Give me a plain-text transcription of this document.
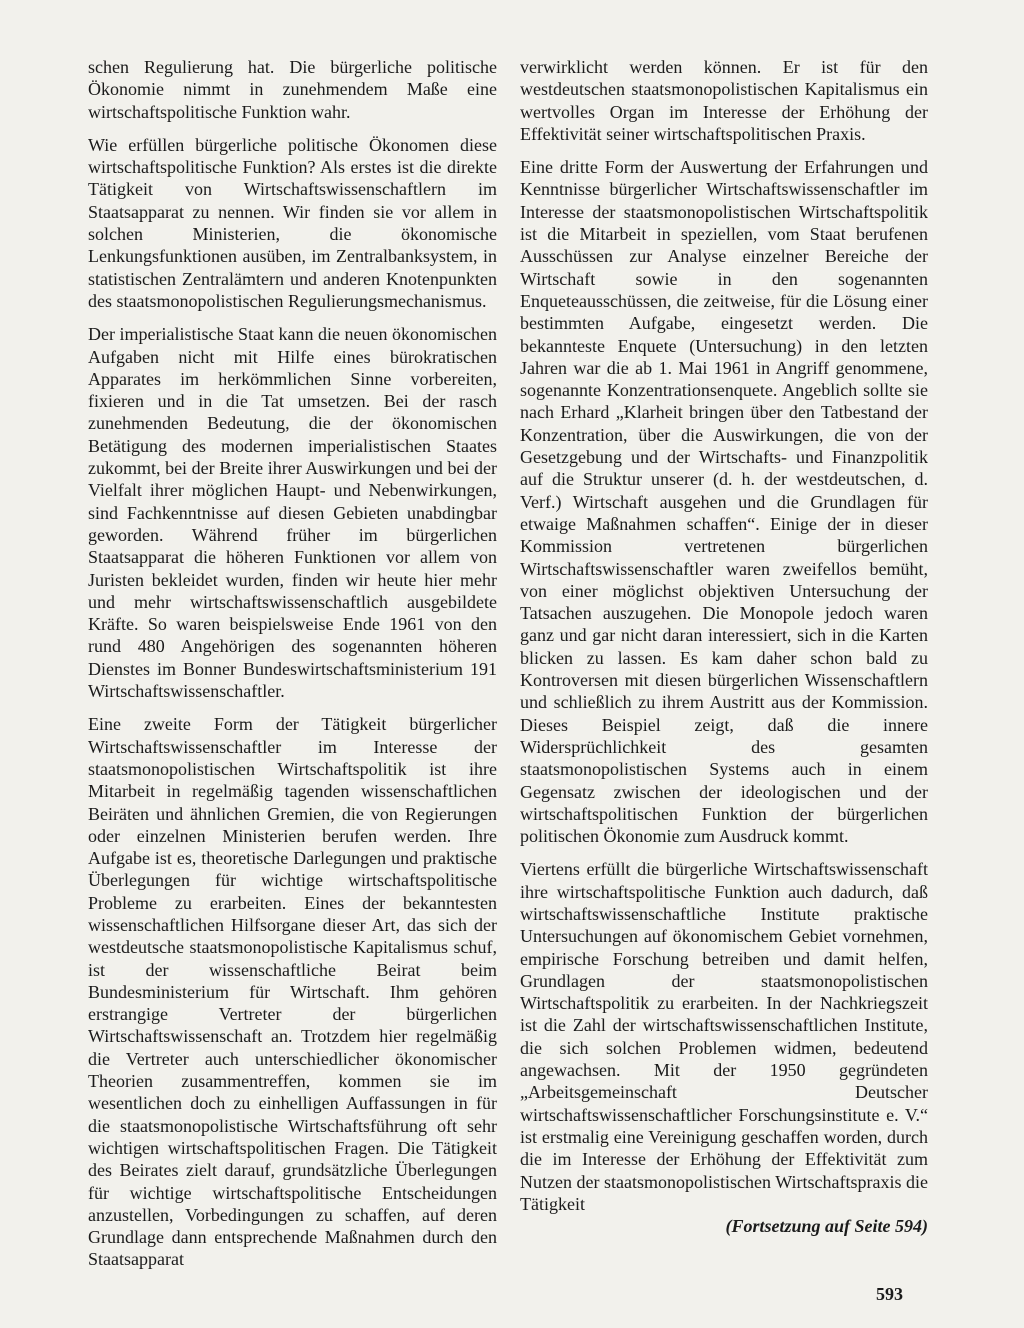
schen Regulierung hat. Die bürgerliche politische Ökonomie nimmt in zunehmendem Maße eine wirtschaftspolitische Funktion wahr.

Wie erfüllen bürgerliche politische Ökonomen diese wirtschaftspolitische Funktion? Als erstes ist die direkte Tätigkeit von Wirtschaftswissenschaftlern im Staatsapparat zu nennen. Wir finden sie vor allem in solchen Ministerien, die ökonomische Lenkungsfunktionen ausüben, im Zentralbanksystem, in statistischen Zentralämtern und anderen Knotenpunkten des staatsmonopolistischen Regulierungsmechanismus.

Der imperialistische Staat kann die neuen ökonomischen Aufgaben nicht mit Hilfe eines bürokratischen Apparates im herkömmlichen Sinne vorbereiten, fixieren und in die Tat umsetzen. Bei der rasch zunehmenden Bedeutung, die der ökonomischen Betätigung des modernen imperialistischen Staates zukommt, bei der Breite ihrer Auswirkungen und bei der Vielfalt ihrer möglichen Haupt- und Nebenwirkungen, sind Fachkenntnisse auf diesen Gebieten unabdingbar geworden. Während früher im bürgerlichen Staatsapparat die höheren Funktionen vor allem von Juristen bekleidet wurden, finden wir heute hier mehr und mehr wirtschaftswissenschaftlich ausgebildete Kräfte. So waren beispielsweise Ende 1961 von den rund 480 Angehörigen des sogenannten höheren Dienstes im Bonner Bundeswirtschaftsministerium 191 Wirtschaftswissenschaftler.

Eine zweite Form der Tätigkeit bürgerlicher Wirtschaftswissenschaftler im Interesse der staatsmonopolistischen Wirtschaftspolitik ist ihre Mitarbeit in regelmäßig tagenden wissenschaftlichen Beiräten und ähnlichen Gremien, die von Regierungen oder einzelnen Ministerien berufen werden. Ihre Aufgabe ist es, theoretische Darlegungen und praktische Überlegungen für wichtige wirtschaftspolitische Probleme zu erarbeiten. Eines der bekanntesten wissenschaftlichen Hilfsorgane dieser Art, das sich der westdeutsche staatsmonopolistische Kapitalismus schuf, ist der wissenschaftliche Beirat beim Bundesministerium für Wirtschaft. Ihm gehören erstrangige Vertreter der bürgerlichen Wirtschaftswissenschaft an. Trotzdem hier regelmäßig die Vertreter auch unterschiedlicher ökonomischer Theorien zusammentreffen, kommen sie im wesentlichen doch zu einhelligen Auffassungen in für die staatsmonopolistische Wirtschaftsführung oft sehr wichtigen wirtschaftspolitischen Fragen. Die Tätigkeit des Beirates zielt darauf, grundsätzliche Überlegungen für wichtige wirtschaftspolitische Entscheidungen anzustellen, Vorbedingungen zu schaffen, auf deren Grundlage dann entsprechende Maßnahmen durch den Staatsapparat

verwirklicht werden können. Er ist für den westdeutschen staatsmonopolistischen Kapitalismus ein wertvolles Organ im Interesse der Erhöhung der Effektivität seiner wirtschaftspolitischen Praxis.

Eine dritte Form der Auswertung der Erfahrungen und Kenntnisse bürgerlicher Wirtschaftswissenschaftler im Interesse der staatsmonopolistischen Wirtschaftspolitik ist die Mitarbeit in speziellen, vom Staat berufenen Ausschüssen zur Analyse einzelner Bereiche der Wirtschaft sowie in den sogenannten Enqueteausschüssen, die zeitweise, für die Lösung einer bestimmten Aufgabe, eingesetzt werden. Die bekannteste Enquete (Untersuchung) in den letzten Jahren war die ab 1. Mai 1961 in Angriff genommene, sogenannte Konzentrationsenquete. Angeblich sollte sie nach Erhard „Klarheit bringen über den Tatbestand der Konzentration, über die Auswirkungen, die von der Gesetzgebung und der Wirtschafts- und Finanzpolitik auf die Struktur unserer (d. h. der westdeutschen, d. Verf.) Wirtschaft ausgehen und die Grundlagen für etwaige Maßnahmen schaffen“. Einige der in dieser Kommission vertretenen bürgerlichen Wirtschaftswissenschaftler waren zweifellos bemüht, von einer möglichst objektiven Untersuchung der Tatsachen auszugehen. Die Monopole jedoch waren ganz und gar nicht daran interessiert, sich in die Karten blicken zu lassen. Es kam daher schon bald zu Kontroversen mit diesen bürgerlichen Wissenschaftlern und schließlich zu ihrem Austritt aus der Kommission. Dieses Beispiel zeigt, daß die innere Widersprüchlichkeit des gesamten staatsmonopolistischen Systems auch in einem Gegensatz zwischen der ideologischen und der wirtschaftspolitischen Funktion der bürgerlichen politischen Ökonomie zum Ausdruck kommt.

Viertens erfüllt die bürgerliche Wirtschaftswissenschaft ihre wirtschaftspolitische Funktion auch dadurch, daß wirtschaftswissenschaftliche Institute praktische Untersuchungen auf ökonomischem Gebiet vornehmen, empirische Forschung betreiben und damit helfen, Grundlagen der staatsmonopolistischen Wirtschaftspolitik zu erarbeiten. In der Nachkriegszeit ist die Zahl der wirtschaftswissenschaftlichen Institute, die sich solchen Problemen widmen, bedeutend angewachsen. Mit der 1950 gegründeten „Arbeitsgemeinschaft Deutscher wirtschaftswissenschaftlicher Forschungsinstitute e. V.“ ist erstmalig eine Vereinigung geschaffen worden, durch die im Interesse der Erhöhung der Effektivität zum Nutzen der staatsmonopolistischen Wirtschaftspraxis die Tätigkeit

(Fortsetzung auf Seite 594)

593
